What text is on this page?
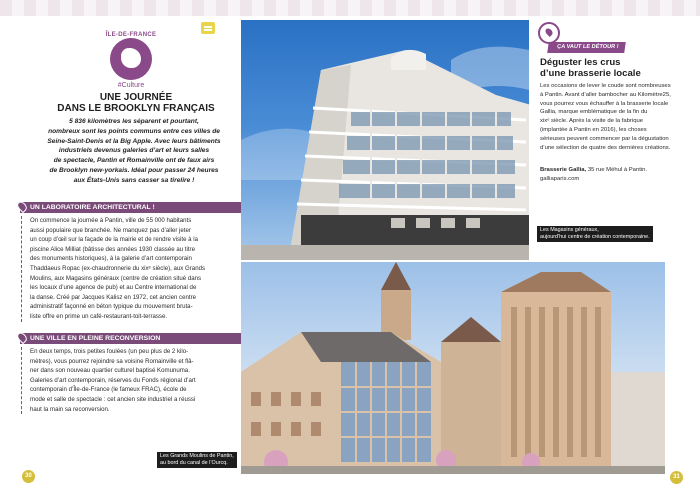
ÎLE-DE-FRANCE
#Culture
UNE JOURNÉE
DANS LE BROOKLYN FRANÇAIS
5 836 kilomètres les séparent et pourtant,
nombreux sont les points communs entre ces villes de
Seine-Saint-Denis et la Big Apple. Avec leurs bâtiments
industriels devenus galeries d’art et leurs salles
de spectacle, Pantin et Romainville ont de faux airs
de Brooklyn new-yorkais. Idéal pour passer 24 heures
aux États-Unis sans casser sa tirelire !
UN LABORATOIRE ARCHITECTURAL !
On commence la journée à Pantin, ville de 55 000 habitants
aussi populaire que branchée. Ne manquez pas d’aller jeter
un coup d’œil sur la façade de la mairie et de rendre visite à la
piscine Alice Milliat (bâtisse des années 1930 classée au titre
des monuments historiques), à la galerie d’art contemporain
Thaddaeus Ropac (ex-chaudronnerie du xixᵉ siècle), aux Grands
Moulins, aux Magasins généraux (centre de création situé dans
les locaux d’une agence de pub) et au Centre international de
la danse. Créé par Jacques Kalisz en 1972, cet ancien centre
administratif façonné en béton typique du mouvement bruta-
liste offre en prime un café-restaurant-toit-terrasse.
UNE VILLE EN PLEINE RECONVERSION
En deux temps, trois petites foulées (un peu plus de 2 kilo-
mètres), vous pourrez rejoindre sa voisine Romainville et flâ-
ner dans son nouveau quartier culturel baptisé Komunuma.
Galeries d’art contemporain, réserves du Fonds régional d’art
contemporain d’Île-de-France (le fameux FRAC), école de
mode et salle de spectacle : cet ancien site industriel a réussi
haut la main sa reconversion.
30
Les Magasins généraux,
aujourd’hui centre de création contemporaine.
ÇA VAUT LE DÉTOUR !
Déguster les crus
d’une brasserie locale
Les occasions de lever le coude sont nombreuses
à Pantin. Avant d’aller bambocher au Kilomètre25,
vous pourrez vous échauffer à la brasserie locale
Gallia, marque emblématique de la fin du
xixᵉ siècle. Après la visite de la fabrique
(implantée à Pantin en 2016), les choses
sérieuses peuvent commencer par la dégustation
d’une sélection de quatre des dernières créations.
Brasserie Gallia, 35 rue Méhul à Pantin.
galliaparis.com
Les Grands Moulins de Pantin,
au bord du canal de l’Ourcq.
31
